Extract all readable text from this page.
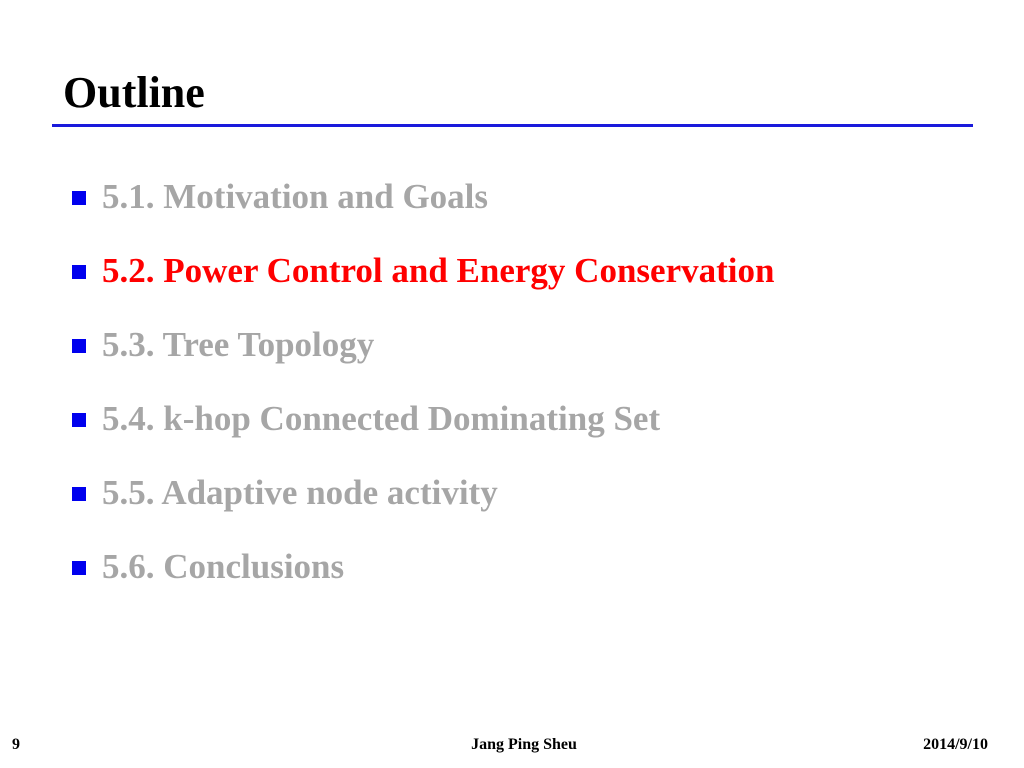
Outline
5.1. Motivation and Goals
5.2. Power Control and Energy Conservation
5.3. Tree Topology
5.4. k-hop Connected Dominating Set
5.5. Adaptive node activity
5.6. Conclusions
9	Jang Ping Sheu	2014/9/10
